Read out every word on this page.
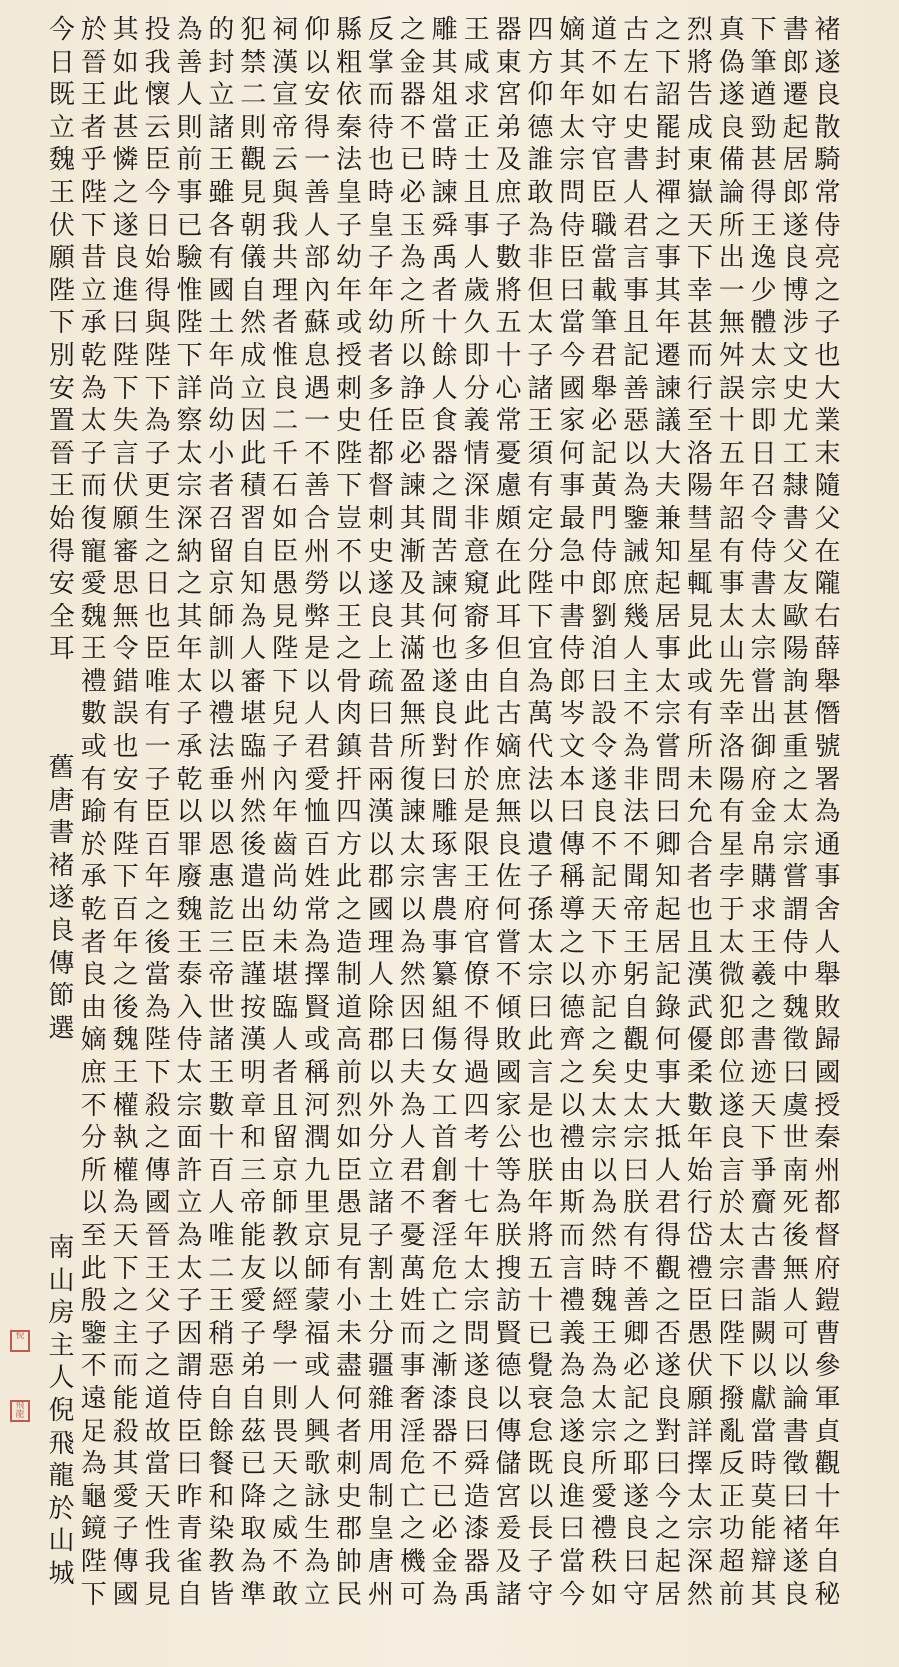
褚
遂
良
散
騎
常
侍
亮
之
子
也
大
業
末
隨
父
在
隴
右
薛
舉
僭
號
署
為
通
事
舍
人
舉
敗
歸
國
授
秦
州
都
督
府
鎧
曹
參
軍
貞
觀
十
年
自
秘
書
郎
遷
起
居
郎
遂
良
博
涉
文
史
尤
工
隸
書
父
友
歐
陽
詢
甚
重
之
太
宗
嘗
謂
侍
中
魏
徵
曰
虞
世
南
死
後
無
人
可
以
論
書
徵
曰
褚
遂
良
下
筆
遒
勁
甚
得
王
逸
少
體
太
宗
即
日
召
令
侍
書
太
宗
嘗
出
御
府
金
帛
購
求
王
羲
之
書
迹
天
下
爭
齎
古
書
詣
闕
以
獻
當
時
莫
能
辯
其
真
偽
遂
良
備
論
所
出
一
無
舛
誤
十
五
年
詔
有
事
太
山
先
幸
洛
陽
有
星
孛
于
太
微
犯
郎
位
遂
良
言
於
太
宗
曰
陛
下
撥
亂
反
正
功
超
前
烈
將
告
成
東
嶽
天
下
幸
甚
而
行
至
洛
陽
彗
星
輒
見
此
或
有
所
未
允
合
者
也
且
漢
武
優
柔
數
年
始
行
岱
禮
臣
愚
伏
願
詳
擇
太
宗
深
然
之
下
詔
罷
封
禪
之
事
其
年
遷
諫
議
大
夫
兼
知
起
居
事
太
宗
嘗
問
曰
卿
知
起
居
記
錄
何
事
大
抵
人
君
得
觀
之
否
遂
良
對
曰
今
之
起
居
古
左
右
史
書
人
君
言
事
且
記
善
惡
以
為
鑒
誡
庶
幾
人
主
不
為
非
法
不
聞
帝
王
躬
自
觀
史
太
宗
曰
朕
有
不
善
卿
必
記
之
耶
遂
良
曰
守
道
不
如
守
官
臣
職
當
載
筆
君
舉
必
記
黃
門
侍
郎
劉
洎
曰
設
令
遂
良
不
記
天
下
亦
記
之
矣
太
宗
以
為
然
時
魏
王
為
太
宗
所
愛
禮
秩
如
嫡
其
年
太
宗
問
侍
臣
曰
當
今
國
家
何
事
最
急
中
書
侍
郎
岑
文
本
曰
傳
稱
導
之
以
德
齊
之
以
禮
由
斯
而
言
禮
義
為
急
遂
良
進
曰
當
今
四
方
仰
德
誰
敢
為
非
但
太
子
諸
王
須
有
定
分
陛
下
宜
為
萬
代
法
以
遺
子
孫
太
宗
曰
此
言
是
也
朕
年
將
五
十
已
覺
衰
怠
既
以
長
子
守
器
東
宮
弟
及
庶
子
數
將
五
十
心
常
憂
慮
頗
在
此
耳
但
自
古
嫡
庶
無
良
佐
何
嘗
不
傾
敗
國
家
公
等
為
朕
搜
訪
賢
德
以
傳
儲
宮
爰
及
諸
王
咸
求
正
士
且
事
人
歲
久
即
分
義
情
深
非
意
窺
窬
多
由
此
作
於
是
限
王
府
官
僚
不
得
過
四
考
十
七
年
太
宗
問
遂
良
曰
舜
造
漆
器
禹
雕
其
俎
當
時
諫
舜
禹
者
十
餘
人
食
器
之
間
苦
諫
何
也
遂
良
對
曰
雕
琢
害
農
事
纂
組
傷
女
工
首
創
奢
淫
危
亡
之
漸
漆
器
不
已
必
金
為
之
金
器
不
已
必
玉
為
之
所
以
諍
臣
必
諫
其
漸
及
其
滿
盈
無
所
復
諫
太
宗
以
為
然
因
曰
夫
為
人
君
不
憂
萬
姓
而
事
奢
淫
危
亡
之
機
可
反
掌
而
待
也
時
皇
子
年
幼
者
多
任
都
督
刺
史
遂
良
上
疏
曰
昔
兩
漢
以
郡
國
理
人
除
郡
以
外
分
立
諸
子
割
土
分
疆
雜
用
周
制
皇
唐
州
縣
粗
依
秦
法
皇
子
幼
年
或
授
刺
史
陛
下
豈
不
以
王
之
骨
肉
鎮
扞
四
方
此
之
造
制
道
高
前
烈
如
臣
愚
見
有
小
未
盡
何
者
刺
史
郡
帥
民
仰
以
安
得
一
善
人
部
內
蘇
息
遇
一
不
善
合
州
勞
弊
是
以
人
君
愛
恤
百
姓
常
為
擇
賢
或
稱
河
潤
九
里
京
師
蒙
福
或
人
興
歌
詠
生
為
立
祠
漢
宣
帝
云
與
我
共
理
者
惟
良
二
千
石
如
臣
愚
見
陛
下
兒
子
內
年
齒
尚
幼
未
堪
臨
人
者
且
留
京
師
教
以
經
學
一
則
畏
天
之
威
不
敢
犯
禁
二
則
觀
見
朝
儀
自
然
成
立
因
此
積
習
自
知
為
人
審
堪
臨
州
然
後
遣
出
臣
謹
按
漢
明
章
和
三
帝
能
友
愛
子
弟
自
茲
已
降
取
為
準
的
封
立
諸
王
雖
各
有
國
土
年
尚
幼
小
者
召
留
京
師
訓
以
禮
法
垂
以
恩
惠
訖
三
帝
世
諸
王
數
十
百
人
唯
二
王
稍
惡
自
餘
餐
和
染
教
皆
為
善
人
則
前
事
已
驗
惟
陛
下
詳
察
太
宗
深
納
之
其
年
太
子
承
乾
以
罪
廢
魏
王
泰
入
侍
太
宗
面
許
立
為
太
子
因
謂
侍
臣
曰
昨
青
雀
自
投
我
懷
云
臣
今
日
始
得
與
陛
下
為
子
更
生
之
日
也
臣
唯
有
一
子
臣
百
年
之
後
當
為
陛
下
殺
之
傳
國
晉
王
父
子
之
道
故
當
天
性
我
見
其
如
此
甚
憐
之
遂
良
進
曰
陛
下
失
言
伏
願
審
思
無
令
錯
誤
也
安
有
陛
下
百
年
之
後
魏
王
權
執
權
為
天
下
之
主
而
能
殺
其
愛
子
傳
國
於
晉
王
者
乎
陛
下
昔
立
承
乾
為
太
子
而
復
寵
愛
魏
王
禮
數
或
有
踰
於
承
乾
者
良
由
嫡
庶
不
分
所
以
至
此
殷
鑒
不
遠
足
為
龜
鏡
陛
下
今
日
既
立
魏
王
伏
願
陛
下
別
安
置
晉
王
始
得
安
全
耳
舊
唐
書
褚
遂
良
傳
節
選
南
山
房
主
人
倪
飛
龍
於
山
城
倪
飛龍
